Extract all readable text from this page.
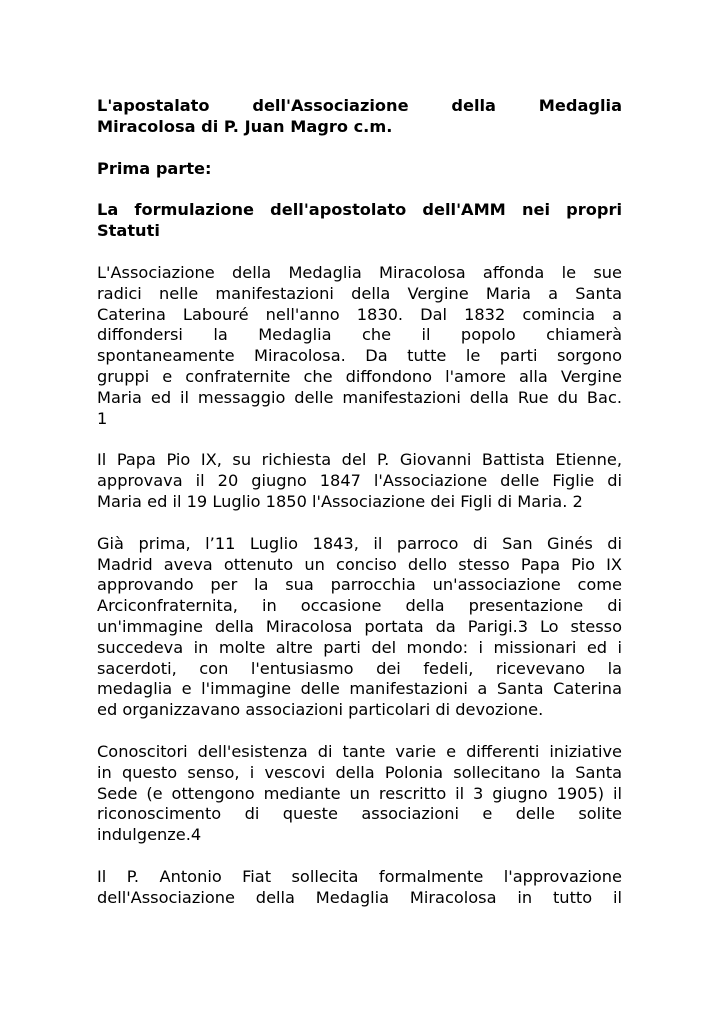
L'apostalato dell'Associazione della Medaglia
Miracolosa di P. Juan Magro c.m.
Prima parte:
La formulazione dell'apostolato dell'AMM nei propri
Statuti
L'Associazione della Medaglia Miracolosa affonda le sue
radici nelle manifestazioni della Vergine Maria a Santa
Caterina Labouré nell'anno 1830. Dal 1832 comincia a
diffondersi la Medaglia che il popolo chiamerà
spontaneamente Miracolosa. Da tutte le parti sorgono
gruppi e confraternite che diffondono l'amore alla Vergine
Maria ed il messaggio delle manifestazioni della Rue du Bac.
1
Il Papa Pio IX, su richiesta del P. Giovanni Battista Etienne,
approvava il 20 giugno 1847 l'Associazione delle Figlie di
Maria ed il 19 Luglio 1850 l'Associazione dei Figli di Maria. 2
Già prima, l’11 Luglio 1843, il parroco di San Ginés di
Madrid aveva ottenuto un conciso dello stesso Papa Pio IX
approvando per la sua parrocchia un'associazione come
Arciconfraternita, in occasione della presentazione di
un'immagine della Miracolosa portata da Parigi.3 Lo stesso
succedeva in molte altre parti del mondo: i missionari ed i
sacerdoti, con l'entusiasmo dei fedeli, ricevevano la
medaglia e l'immagine delle manifestazioni a Santa Caterina
ed organizzavano associazioni particolari di devozione.
Conoscitori dell'esistenza di tante varie e differenti iniziative
in questo senso, i vescovi della Polonia sollecitano la Santa
Sede (e ottengono mediante un rescritto il 3 giugno 1905) il
riconoscimento di queste associazioni e delle solite
indulgenze.4
Il P. Antonio Fiat sollecita formalmente l'approvazione
dell'Associazione della Medaglia Miracolosa in tutto il
